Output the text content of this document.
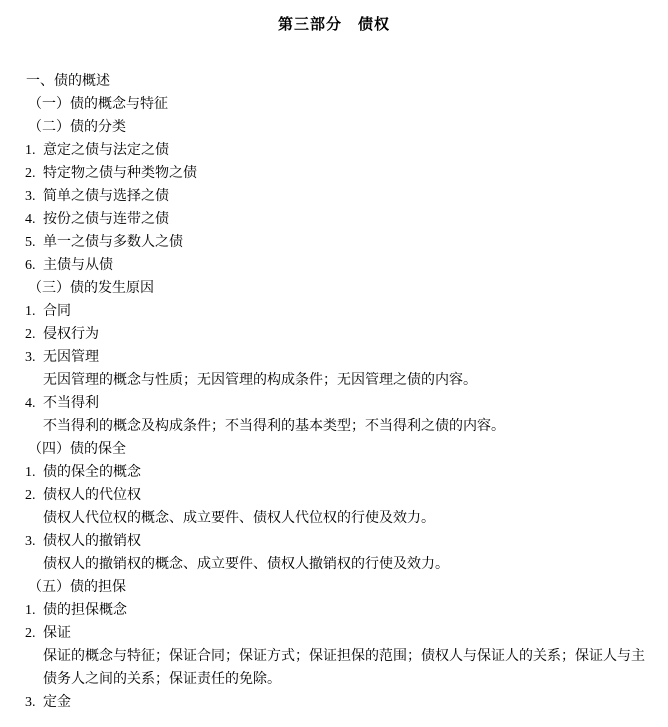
第三部分　债权
一、债的概述
（一）债的概念与特征
（二）债的分类
1. 意定之债与法定之债
2. 特定物之债与种类物之债
3. 简单之债与选择之债
4. 按份之债与连带之债
5. 单一之债与多数人之债
6. 主债与从债
（三）债的发生原因
1. 合同
2. 侵权行为
3. 无因管理
无因管理的概念与性质；无因管理的构成条件；无因管理之债的内容。
4. 不当得利
不当得利的概念及构成条件；不当得利的基本类型；不当得利之债的内容。
（四）债的保全
1. 债的保全的概念
2. 债权人的代位权
债权人代位权的概念、成立要件、债权人代位权的行使及效力。
3. 债权人的撤销权
债权人的撤销权的概念、成立要件、债权人撤销权的行使及效力。
（五）债的担保
1. 债的担保概念
2. 保证
保证的概念与特征；保证合同；保证方式；保证担保的范围；债权人与保证人的关系；保证人与主
债务人之间的关系；保证责任的免除。
3. 定金
